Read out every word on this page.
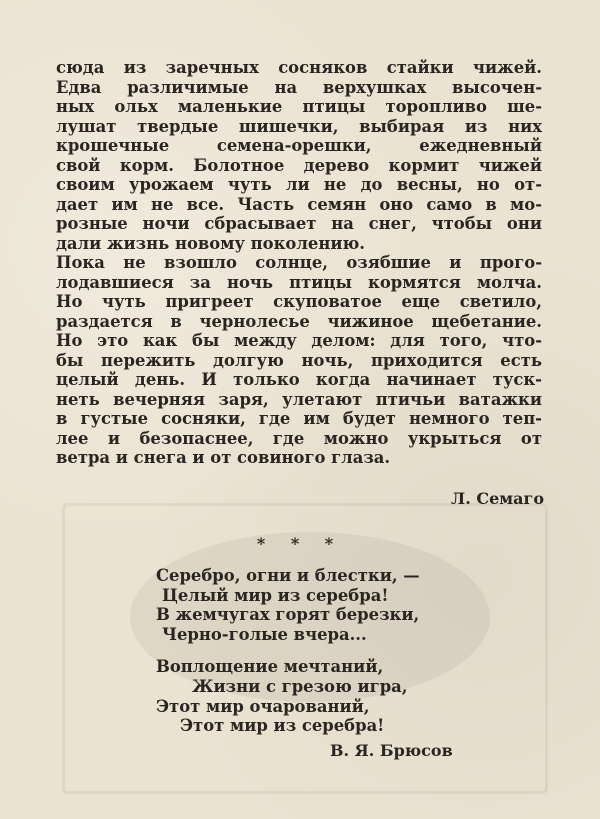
сюда из заречных сосняков стайки чижей.
Едва различимые на верхушках высочен-
ных ольх маленькие птицы торопливо ше-
лушат твердые шишечки, выбирая из них
крошечные семена-орешки, ежедневный
свой корм. Болотное дерево кормит чижей
своим урожаем чуть ли не до весны, но от-
дает им не все. Часть семян оно само в мо-
розные ночи сбрасывает на снег, чтобы они
дали жизнь новому поколению.
Пока не взошло солнце, озябшие и прого-
лодавшиеся за ночь птицы кормятся молча.
Но чуть пригреет скуповатое еще светило,
раздается в чернолесье чижиное щебетание.
Но это как бы между делом: для того, что-
бы пережить долгую ночь, приходится есть
целый день. И только когда начинает туск-
неть вечерняя заря, улетают птичьи ватажки
в густые сосняки, где им будет немного теп-
лее и безопаснее, где можно укрыться от
ветра и снега и от совиного глаза.
Л. Семаго
* * *
Серебро, огни и блестки, —
Целый мир из серебра!
В жемчугах горят березки,
Черно-голые вчера...
Воплощение мечтаний,
Жизни с грезою игра,
Этот мир очарований,
Этот мир из серебра!
В. Я. Брюсов
